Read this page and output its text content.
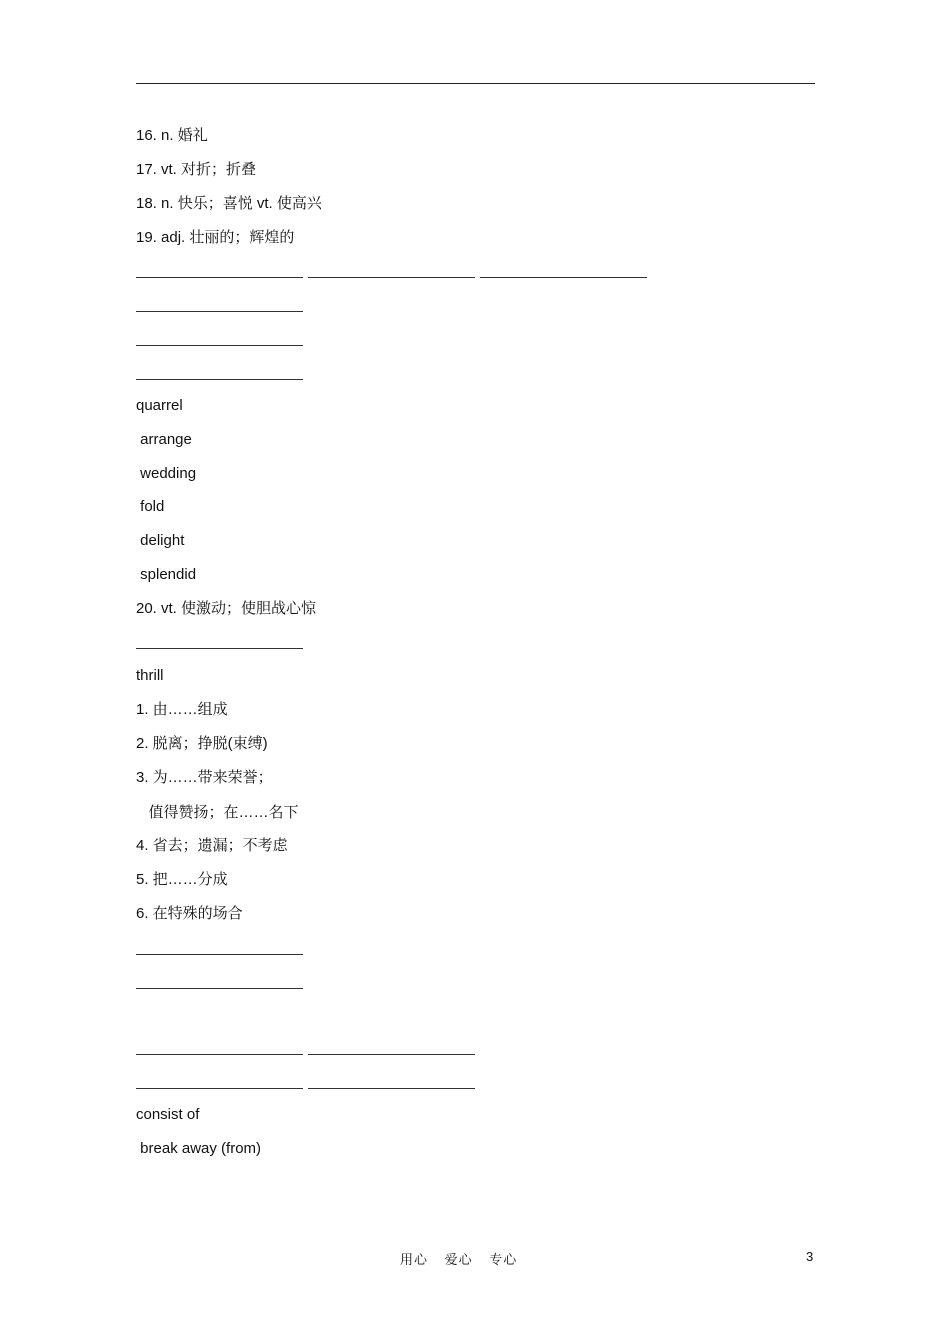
16. n. 婚礼
17. vt. 对折；折叠
18. n. 快乐；喜悦 vt. 使高兴
19. adj. 壮丽的；辉煌的
quarrel
arrange
wedding
fold
delight
splendid
20. vt. 使激动；使胆战心惊
thrill
1. 由……组成
2. 脱离；挣脱(束缚)
3. 为……带来荣誉；
值得赞扬；在……名下
4. 省去；遗漏；不考虑
5. 把……分成
6. 在特殊的场合
consist of
break away (from)
用心 爱心 专心	3
